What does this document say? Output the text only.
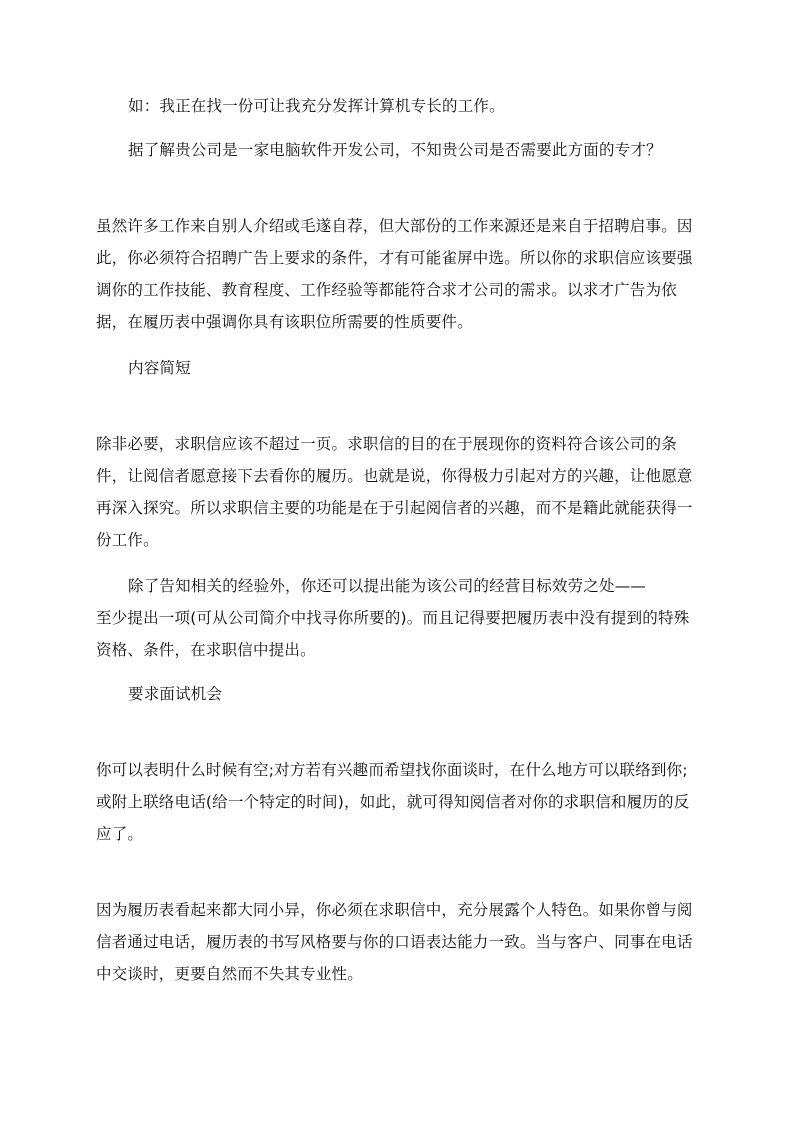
如：我正在找一份可让我充分发挥计算机专长的工作。

据了解贵公司是一家电脑软件开发公司，不知贵公司是否需要此方面的专才？

虽然许多工作来自别人介绍或毛遂自荐，但大部份的工作来源还是来自于招聘启事。因此，你必须符合招聘广告上要求的条件，才有可能雀屏中选。所以你的求职信应该要强调你的工作技能、教育程度、工作经验等都能符合求才公司的需求。以求才广告为依据，在履历表中强调你具有该职位所需要的性质要件。

内容简短

除非必要，求职信应该不超过一页。求职信的目的在于展现你的资料符合该公司的条件，让阅信者愿意接下去看你的履历。也就是说，你得极力引起对方的兴趣，让他愿意再深入探究。所以求职信主要的功能是在于引起阅信者的兴趣，而不是籍此就能获得一份工作。

除了告知相关的经验外，你还可以提出能为该公司的经营目标效劳之处——

至少提出一项(可从公司简介中找寻你所要的)。而且记得要把履历表中没有提到的特殊资格、条件，在求职信中提出。

要求面试机会

你可以表明什么时候有空;对方若有兴趣而希望找你面谈时，在什么地方可以联络到你;或附上联络电话(给一个特定的时间)，如此，就可得知阅信者对你的求职信和履历的反应了。

因为履历表看起来都大同小异，你必须在求职信中，充分展露个人特色。如果你曾与阅信者通过电话，履历表的书写风格要与你的口语表达能力一致。当与客户、同事在电话中交谈时，更要自然而不失其专业性。
